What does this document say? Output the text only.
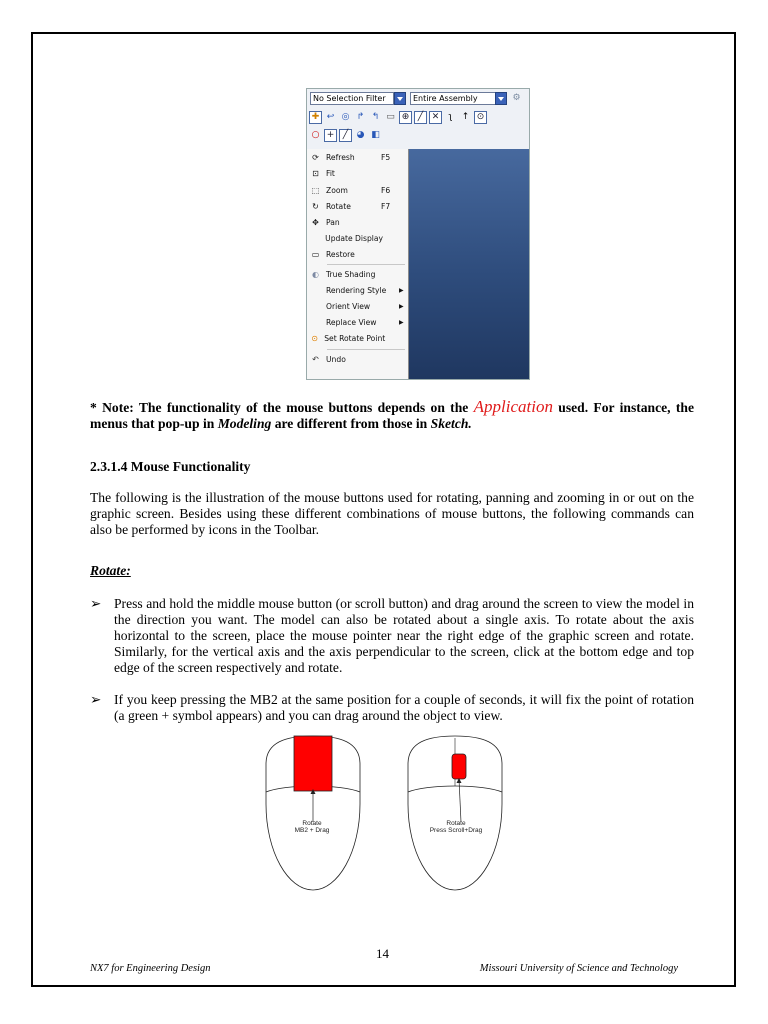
No Selection Filter	Entire Assembly	⚙
✚ ↩ ◎ ↱ ↰ ▭ ⊕ ╱ ✕	ʅ	↑ ⊙
○ + ╱ ◕ ◧
⟳ Refresh	F5
⊡ Fit
⬚ Zoom	F6
↻ Rotate	F7
✥ Pan
Update Display
▭ Restore
◐ True Shading
Rendering Style	▶
Orient View	▶
Replace View	▶
⊙ Set Rotate Point
↶ Undo
* Note: The functionality of the mouse buttons depends on the Application used. For instance, the menus that pop-up in Modeling are different from those in Sketch.
2.3.1.4 Mouse Functionality
The following is the illustration of the mouse buttons used for rotating, panning and zooming in or out on the graphic screen. Besides using these different combinations of mouse buttons, the following commands can also be performed by icons in the Toolbar.
Rotate:
➢ Press and hold the middle mouse button (or scroll button) and drag around the screen to view the model in the direction you want. The model can also be rotated about a single axis. To rotate about the axis horizontal to the screen, place the mouse pointer near the right edge of the graphic screen and rotate. Similarly, for the vertical axis and the axis perpendicular to the screen, click at the bottom edge and top edge of the screen respectively and rotate.
➢ If you keep pressing the MB2 at the same position for a couple of seconds, it will fix the point of rotation (a green + symbol appears) and you can drag around the object to view.
Rotate
MB2 + Drag
Rotate
Press Scroll+Drag
14
NX7 for Engineering Design	Missouri University of Science and Technology
